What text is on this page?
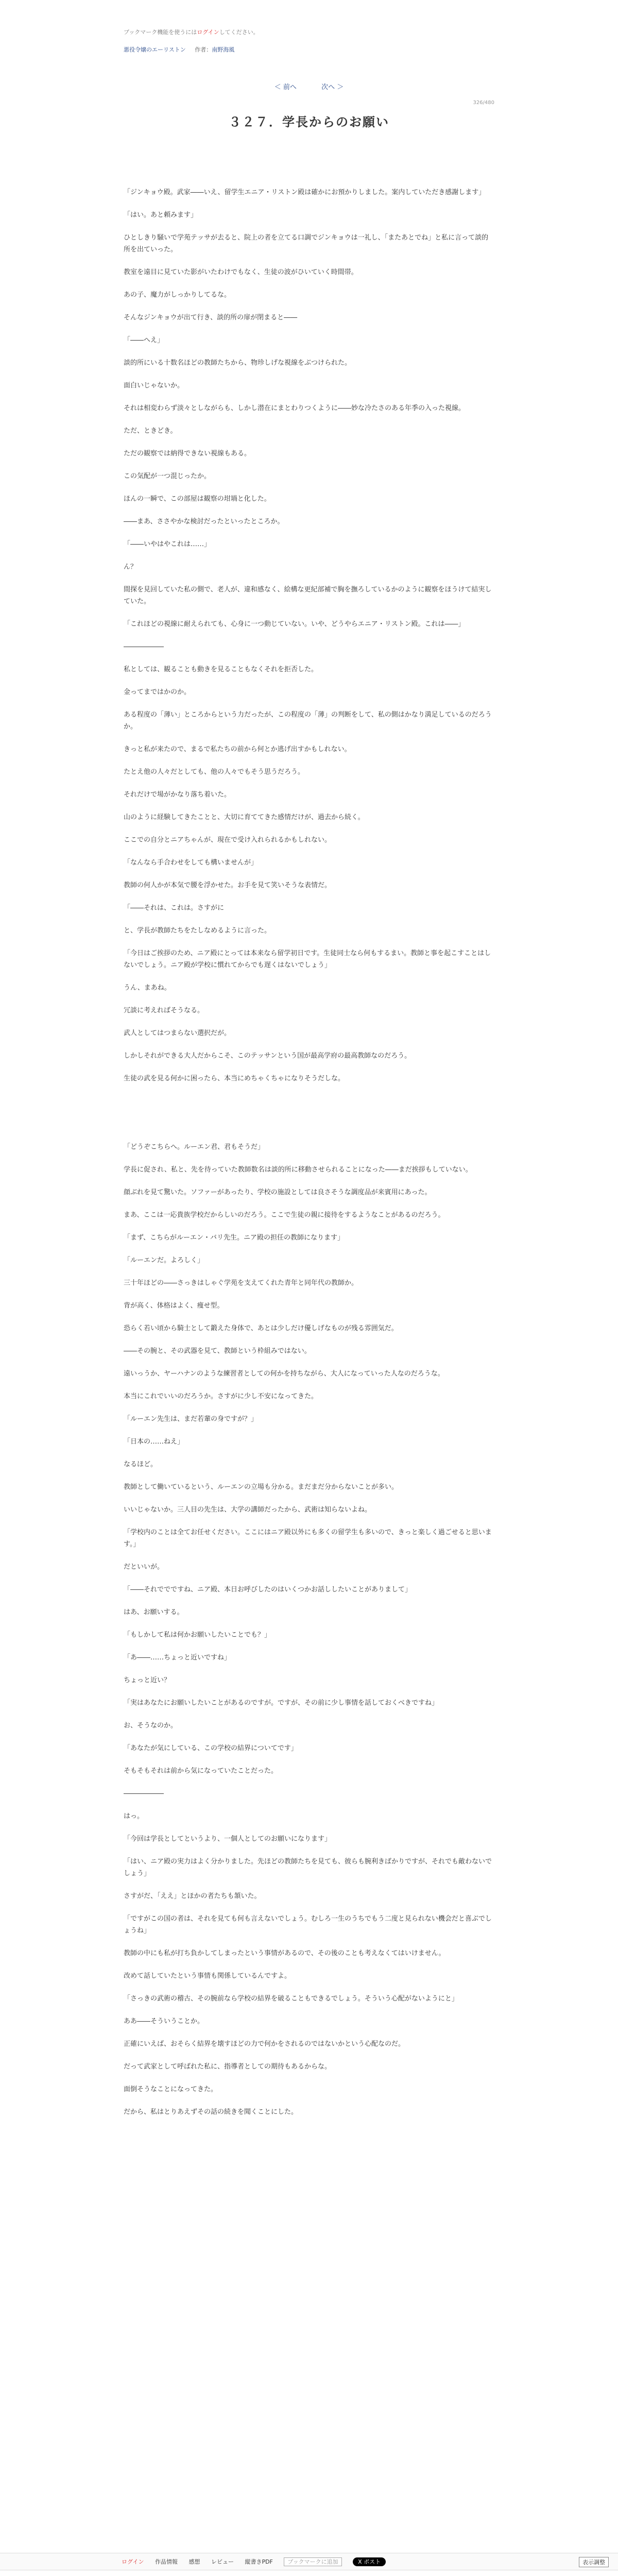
ブックマーク機能を使うにはログインしてください。
悪役令嬢のエーリストン 作者：南野海風
＜ 前へ	次へ ＞
326/480
３２７．学長からのお願い

「ジンキョウ殿。武家――いえ、留学生エニア・リストン殿は確かにお預かりしました。案内していただき感謝します」

「はい。あと頼みます」

ひとしきり騒いで学苑テッサが去ると、院上の者を立てる口調でジンキョウは一礼し、「またあとでね」と私に言って談的所を出ていった。

教室を遠目に見ていた影がいたわけでもなく、生徒の波がひいていく時間帯。

あの子、魔力がしっかりしてるな。

そんなジンキョウが出て行き、談的所の扉が閉まると――

「――へえ」

談的所にいる十数名ほどの教師たちから、物珍しげな視線をぶつけられた。

面白いじゃないか。

それは相変わらず淡々としながらも、しかし潜在にまとわりつくように――妙な冷たさのある年季の入った視線。

ただ、ときどき。

ただの観察では納得できない視線もある。

この気配が一つ混じったか。

ほんの一瞬で、この部屋は観察の坩堝と化した。

――まあ、ささやかな検討だったといったところか。

「――いやはやこれは……」

ん？

間探を見回していた私の側で、老人が、違和感なく、絵構な更紀部補で胸を撫ろしているかのように観察をほうけて結実していた。

「これほどの視線に耐えられても、心身に一つ動じていない。いや、どうやらエニア・リストン殿。これは――」

――――――

私としては、観ることも動きを見ることもなくそれを拒否した。

金ってまではかのか。

ある程度の「薄い」ところからという力だったが、この程度の「薄」の判断をして、私の側はかなり満足しているのだろうか。

きっと私が来たので、まるで私たちの前から何とか逃げ出すかもしれない。

たとえ他の人々だとしても、他の人々でもそう思うだろう。

それだけで場がかなり落ち着いた。

山のように経験してきたことと、大切に育ててきた感情だけが、過去から続く。

ここでの自分とニアちゃんが、現在で受け入れられるかもしれない。

「なんなら手合わせをしても構いませんが」

教師の何人かが本気で腰を浮かせた。お手を見て笑いそうな表情だ。

「――それは、これは。さすがに

と、学長が教師たちをたしなめるように言った。

「今日はご挨拶のため、ニア殿にとっては本来なら留学初日です。生徒同士なら何もするまい。教師と事を起こすことはしないでしょう。ニア殿が学校に慣れてからでも遅くはないでしょう」

うん、まあね。

冗談に考えればそうなる。

武人としてはつまらない選択だが。

しかしそれができる大人だからこそ、このテッサンという国が最高学府の最高教師なのだろう。

生徒の武を見る何かに困ったら、本当にめちゃくちゃになりそうだしな。

「どうぞこちらへ。ルーエン君、君もそうだ」

学長に促され、私と、先を待っていた教師数名は談的所に移動させられることになった――まだ挨拶もしていない。

顔ぶれを見て驚いた。ソファーがあったり、学校の施設としては良さそうな調度品が来賓用にあった。

まあ、ここは一応貴族学校だからしいのだろう。ここで生徒の親に接待をするようなことがあるのだろう。

「まず、こちらがルーエン・バリ先生。ニア殿の担任の教師になります」

「ルーエンだ。よろしく」

三十年ほどの――さっきはしゃぐ学苑を支えてくれた青年と同年代の教師か。

背が高く、体格はよく、痩せ型。

恐らく若い頃から騎士として鍛えた身体で、あとは少しだけ優しげなものが残る雰囲気だ。

――その腕と、その武器を見て、教師という枠組みではない。

遠いっうか、ヤーハナンのような練習者としての何かを持ちながら、大人になっていった人なのだろうな。

本当にこれでいいのだろうか。さすがに少し不安になってきた。

「ルーエン先生は、まだ若輩の身ですが？」

「日本の……ねえ」

なるほど。

教師として働いているという、ルーエンの立場も分かる。まだまだ分からないことが多い。

いいじゃないか。三人目の先生は、大学の講師だったから、武術は知らないよね。

「学校内のことは全てお任せください。ここにはニア殿以外にも多くの留学生も多いので、きっと楽しく過ごせると思います。」

だといいが。

「――それででですね、ニア殿、本日お呼びしたのはいくつかお話ししたいことがありまして」

はあ、お願いする。

「もしかして私は何かお願いしたいことでも？」

「あ――……ちょっと近いですね」

ちょっと近い？

「実はあなたにお願いしたいことがあるのですが。ですが、その前に少し事情を話しておくべきですね」

お、そうなのか。

「あなたが気にしている、この学校の結界についてです」

そもそもそれは前から気になっていたことだった。

――――――

はっ。

「今回は学長としてというより、一個人としてのお願いになります」

「はい、ニア殿の実力はよく分かりました。先ほどの教師たちを見ても、彼らも腕利きばかりですが、それでも敵わないでしょう」

さすがだ、「ええ」とほかの者たちも頷いた。

「ですがこの国の者は、それを見ても何も言えないでしょう。むしろ一生のうちでもう二度と見られない機会だと喜ぶでしょうね」

教師の中にも私が打ち負かしてしまったという事情があるので、その後のことも考えなくてはいけません。

改めて話していたという事情も関係しているんですよ。

「さっきの武術の稽古、その腕前なら学校の結界を破ることもできるでしょう。そういう心配がないようにと」

ああ――そういうことか。

正確にいえば、おそらく結界を壊すほどの力で何かをされるのではないかという心配なのだ。

だって武家として呼ばれた私に、指導者としての期待もあるからな。

面倒そうなことになってきた。

だから、私はとりあえずその話の続きを聞くことにした。

ログイン 作品情報 感想 レビュー 縦書きPDF	ブックマークに追加	X ポスト	表示調整
